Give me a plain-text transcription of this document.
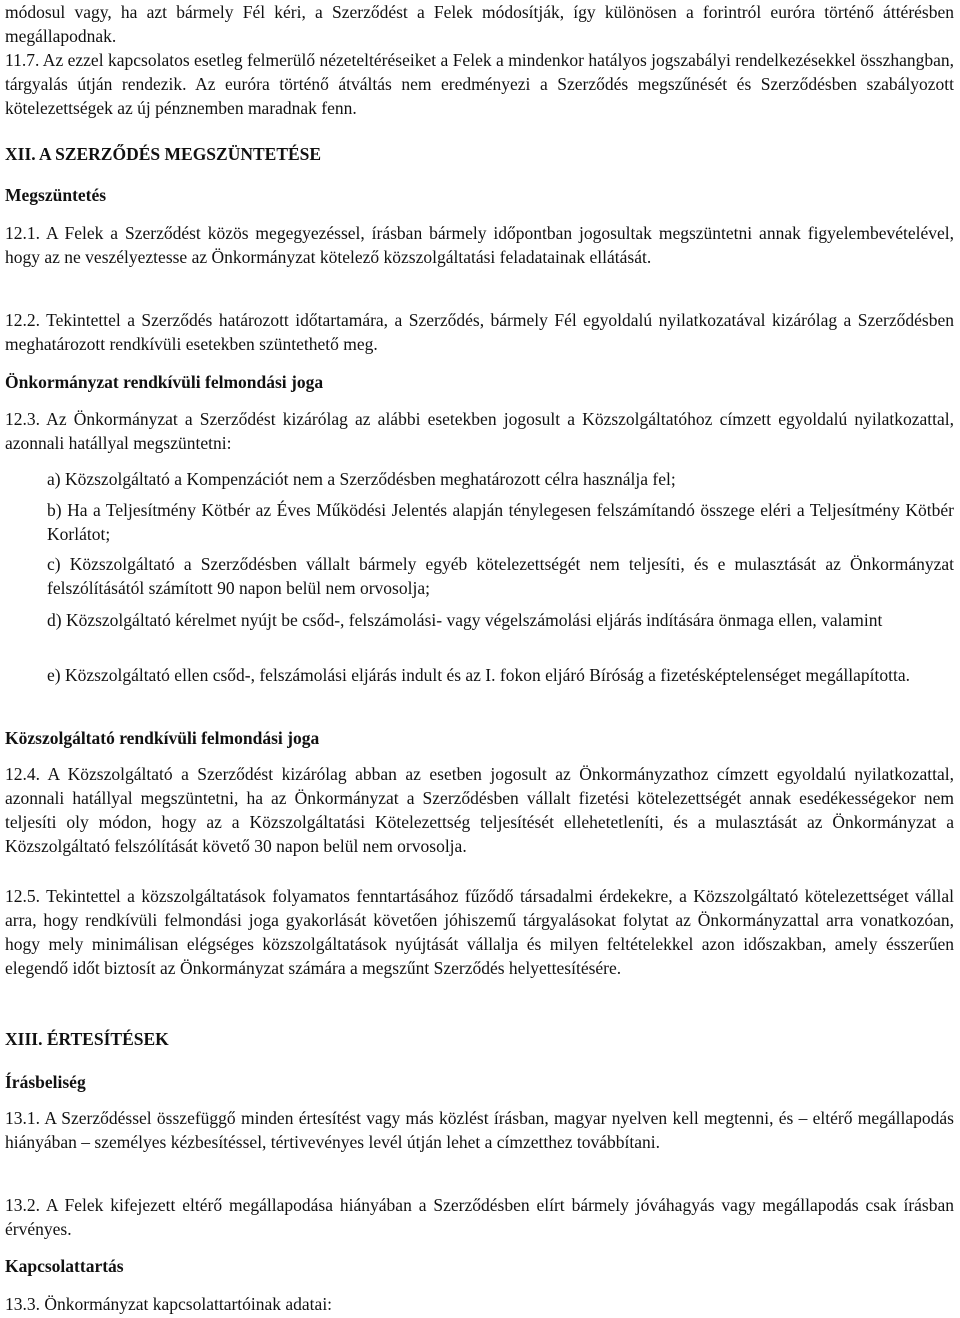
módosul vagy, ha azt bármely Fél kéri, a Szerződést a Felek módosítják, így különösen a forintról euróra történő áttérésben megállapodnak.

11.7. Az ezzel kapcsolatos esetleg felmerülő nézeteltéréseiket a Felek a mindenkor hatályos jogszabályi rendelkezésekkel összhangban, tárgyalás útján rendezik. Az euróra történő átváltás nem eredményezi a Szerződés megszűnését és Szerződésben szabályozott kötelezettségek az új pénznemben maradnak fenn.

XII. A SZERZŐDÉS MEGSZÜNTETÉSE

Megszüntetés

12.1. A Felek a Szerződést közös megegyezéssel, írásban bármely időpontban jogosultak megszüntetni annak figyelembevételével, hogy az ne veszélyeztesse az Önkormányzat kötelező közszolgáltatási feladatainak ellátását.

12.2. Tekintettel a Szerződés határozott időtartamára, a Szerződés, bármely Fél egyoldalú nyilatkozatával kizárólag a Szerződésben meghatározott rendkívüli esetekben szüntethető meg.

Önkormányzat rendkívüli felmondási joga

12.3. Az Önkormányzat a Szerződést kizárólag az alábbi esetekben jogosult a Közszolgáltatóhoz címzett egyoldalú nyilatkozattal, azonnali hatállyal megszüntetni:

a) Közszolgáltató a Kompenzációt nem a Szerződésben meghatározott célra használja fel;

b) Ha a Teljesítmény Kötbér az Éves Működési Jelentés alapján ténylegesen felszámítandó összege eléri a Teljesítmény Kötbér Korlátot;

c) Közszolgáltató a Szerződésben vállalt bármely egyéb kötelezettségét nem teljesíti, és e mulasztását az Önkormányzat felszólításától számított 90 napon belül nem orvosolja;

d) Közszolgáltató kérelmet nyújt be csőd-, felszámolási- vagy végelszámolási eljárás indítására önmaga ellen, valamint

e) Közszolgáltató ellen csőd-, felszámolási eljárás indult és az I. fokon eljáró Bíróság a fizetésképtelenséget megállapította.

Közszolgáltató rendkívüli felmondási joga

12.4. A Közszolgáltató a Szerződést kizárólag abban az esetben jogosult az Önkormányzathoz címzett egyoldalú nyilatkozattal, azonnali hatállyal megszüntetni, ha az Önkormányzat a Szerződésben vállalt fizetési kötelezettségét annak esedékességekor nem teljesíti oly módon, hogy az a Közszolgáltatási Kötelezettség teljesítését ellehetetleníti, és a mulasztását az Önkormányzat a Közszolgáltató felszólítását követő 30 napon belül nem orvosolja.

12.5. Tekintettel a közszolgáltatások folyamatos fenntartásához fűződő társadalmi érdekekre, a Közszolgáltató kötelezettséget vállal arra, hogy rendkívüli felmondási joga gyakorlását követően jóhiszemű tárgyalásokat folytat az Önkormányzattal arra vonatkozóan, hogy mely minimálisan elégséges közszolgáltatások nyújtását vállalja és milyen feltételekkel azon időszakban, amely ésszerűen elegendő időt biztosít az Önkormányzat számára a megszűnt Szerződés helyettesítésére.

XIII. ÉRTESÍTÉSEK

Írásbeliség

13.1. A Szerződéssel összefüggő minden értesítést vagy más közlést írásban, magyar nyelven kell megtenni, és – eltérő megállapodás hiányában – személyes kézbesítéssel, tértivevényes levél útján lehet a címzetthez továbbítani.

13.2. A Felek kifejezett eltérő megállapodása hiányában a Szerződésben elírt bármely jóváhagyás vagy megállapodás csak írásban érvényes.

Kapcsolattartás

13.3. Önkormányzat kapcsolattartóinak adatai:
